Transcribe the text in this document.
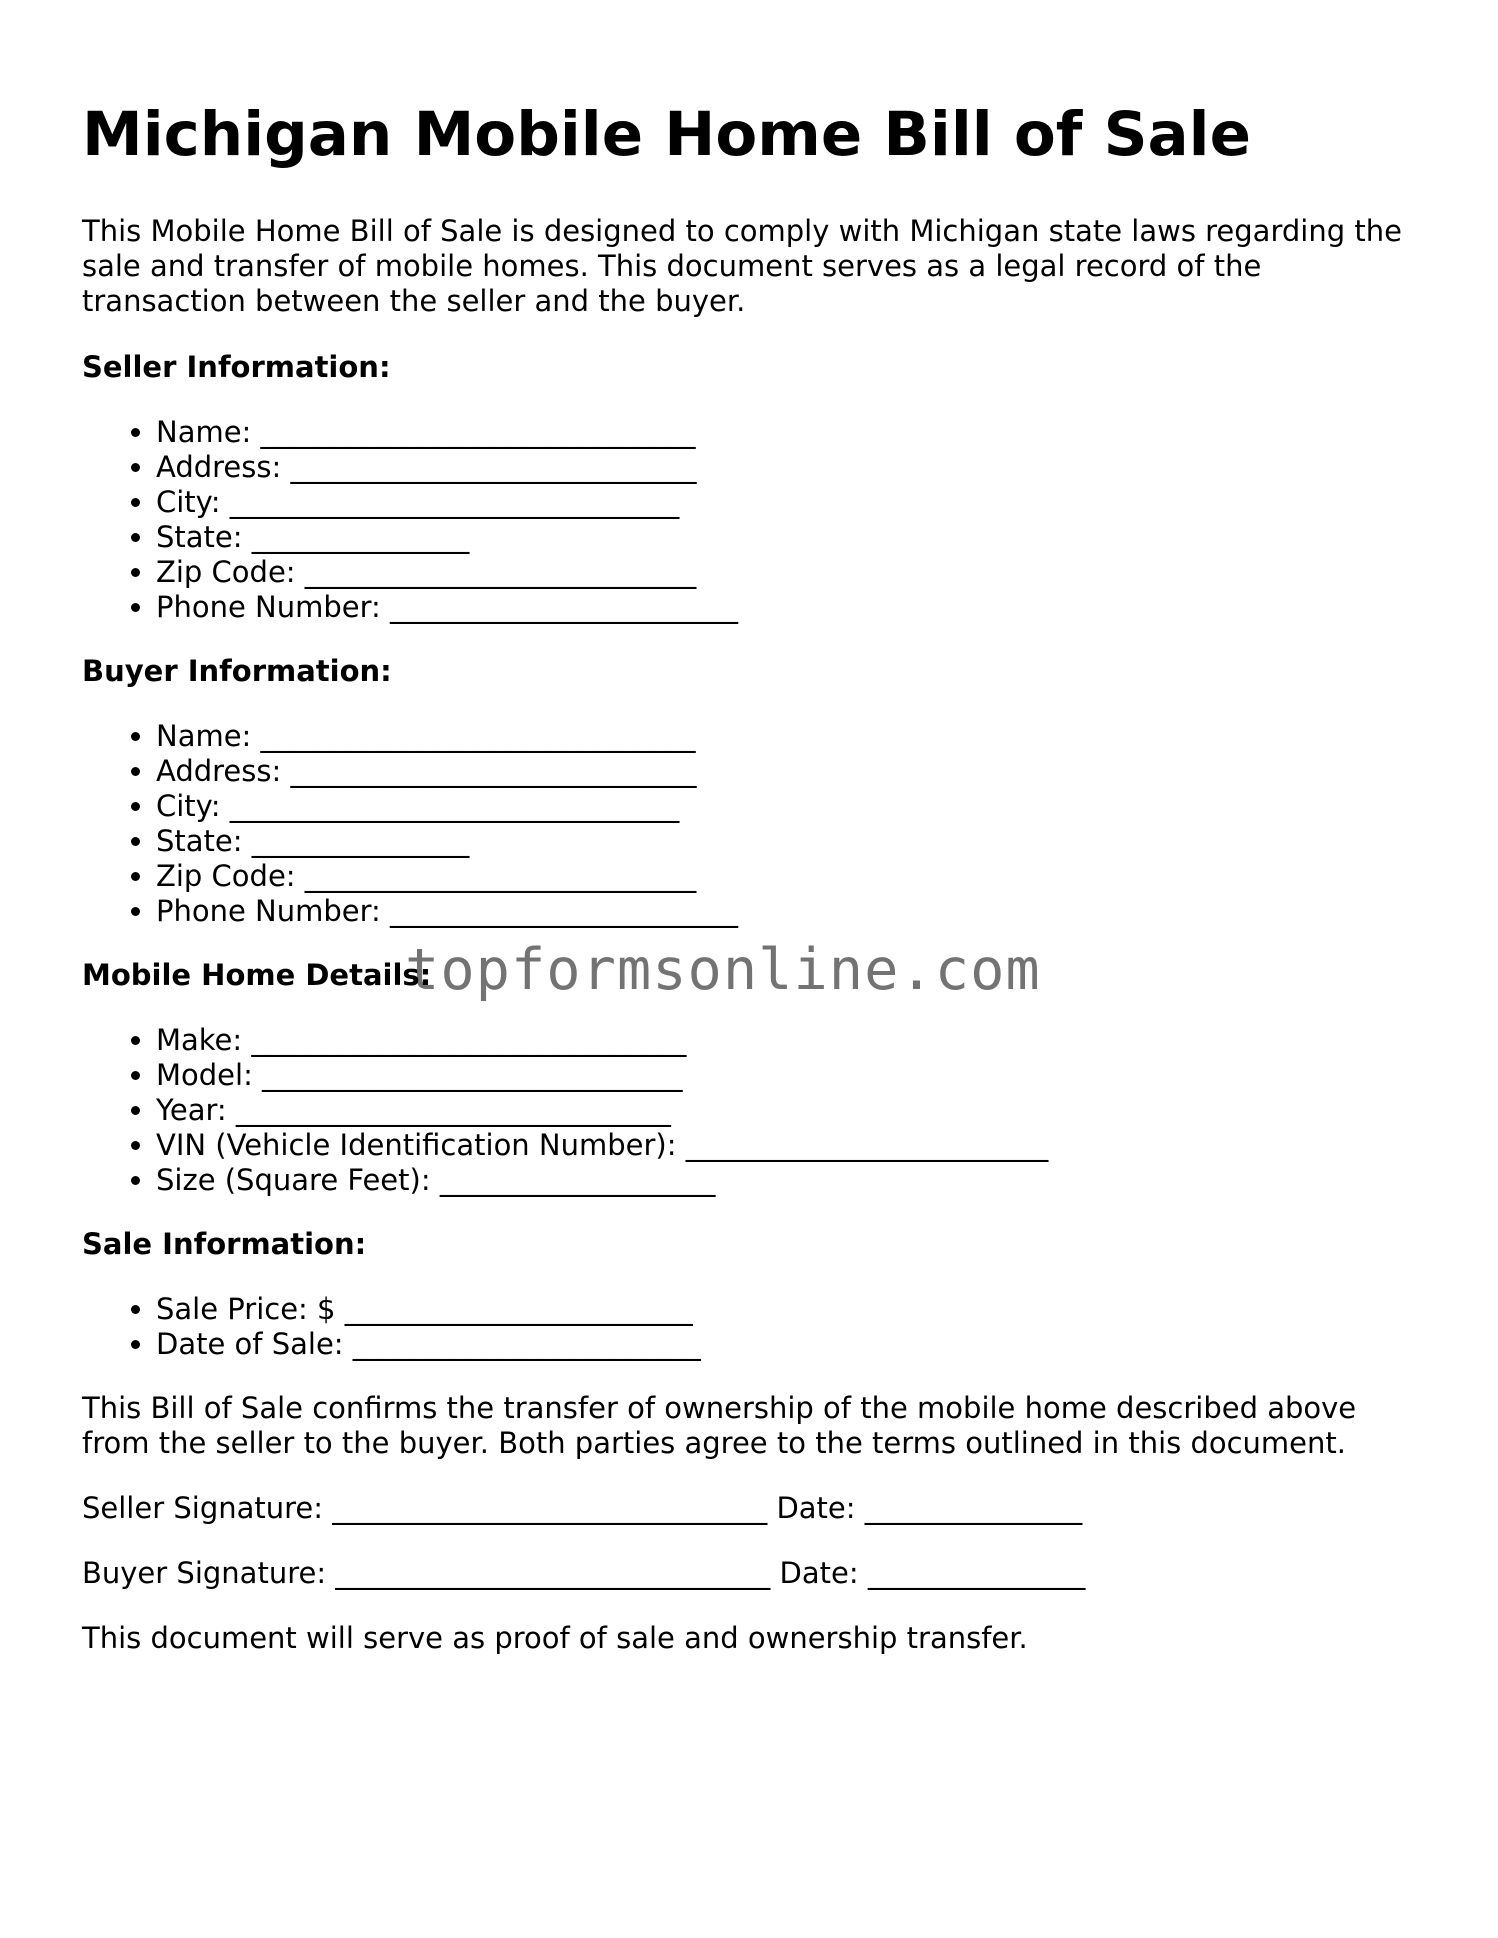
Michigan Mobile Home Bill of Sale

This Mobile Home Bill of Sale is designed to comply with Michigan state laws regarding the sale and transfer of mobile homes. This document serves as a legal record of the transaction between the seller and the buyer.

Seller Information:
• Name: ______________________________
• Address: ____________________________
• City: _______________________________
• State: _______________
• Zip Code: ___________________________
• Phone Number: ________________________
Buyer Information:
• Name: ______________________________
• Address: ____________________________
• City: _______________________________
• State: _______________
• Zip Code: ___________________________
• Phone Number: ________________________
Mobile Home Details:
• Make: ______________________________
• Model: _____________________________
• Year: ______________________________
• VIN (Vehicle Identification Number): _________________________
• Size (Square Feet): ___________________
Sale Information:
• Sale Price: $ ________________________
• Date of Sale: ________________________

This Bill of Sale confirms the transfer of ownership of the mobile home described above from the seller to the buyer. Both parties agree to the terms outlined in this document.

Seller Signature: ______________________________ Date: _______________

Buyer Signature: ______________________________ Date: _______________

This document will serve as proof of sale and ownership transfer.

topformsonline.com
